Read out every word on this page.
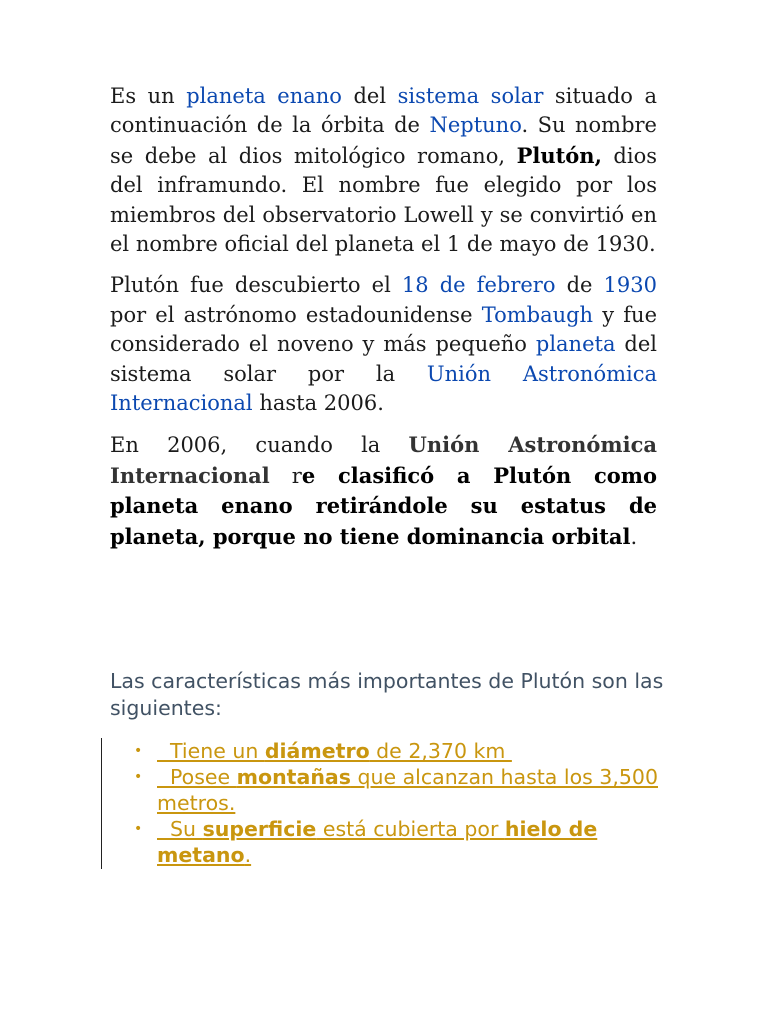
Es un planeta enano del sistema solar situado a continuación de la órbita de Neptuno. Su nombre se debe al dios mitológico romano, Plutón, dios del inframundo. El nombre fue elegido por los miembros del observatorio Lowell y se convirtió en el nombre oficial del planeta el 1 de mayo de 1930.

Plutón fue descubierto el 18 de febrero de 1930 por el astrónomo estadounidense Tombaugh y fue considerado el noveno y más pequeño planeta del sistema solar por la Unión Astronómica Internacional hasta 2006.

En 2006, cuando la Unión Astronómica Internacional re clasificó a Plutón como planeta enano retirándole su estatus de planeta, porque no tiene dominancia orbital.

Las características más importantes de Plutón son las siguientes:

• Tiene un diámetro de 2,370 km
• Posee montañas que alcanzan hasta los 3,500 metros.
• Su superficie está cubierta por hielo de metano.
